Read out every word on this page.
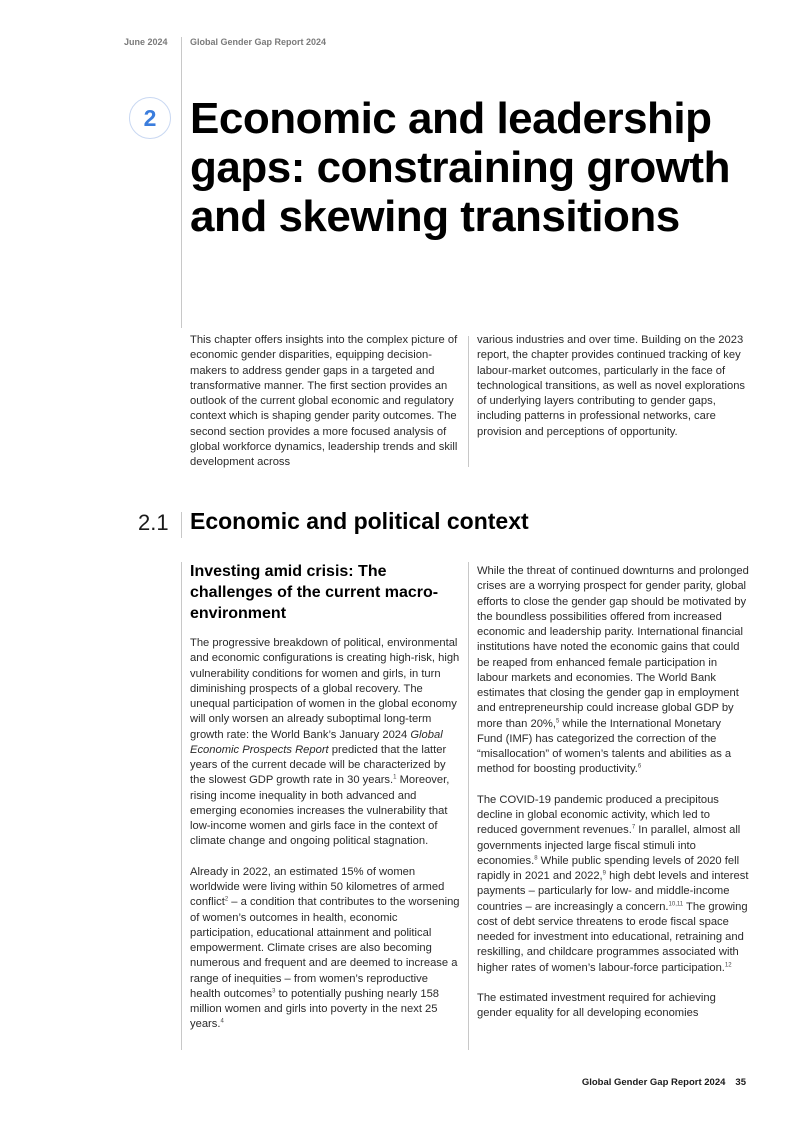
June 2024 Global Gender Gap Report 2024
2 Economic and leadership gaps: constraining growth and skewing transitions
This chapter offers insights into the complex picture of economic gender disparities, equipping decision-makers to address gender gaps in a targeted and transformative manner. The first section provides an outlook of the current global economic and regulatory context which is shaping gender parity outcomes. The second section provides a more focused analysis of global workforce dynamics, leadership trends and skill development across
various industries and over time. Building on the 2023 report, the chapter provides continued tracking of key labour-market outcomes, particularly in the face of technological transitions, as well as novel explorations of underlying layers contributing to gender gaps, including patterns in professional networks, care provision and perceptions of opportunity.
2.1 Economic and political context
Investing amid crisis: The challenges of the current macro-environment

The progressive breakdown of political, environmental and economic configurations is creating high-risk, high vulnerability conditions for women and girls, in turn diminishing prospects of a global recovery. The unequal participation of women in the global economy will only worsen an already suboptimal long-term growth rate: the World Bank’s January 2024 Global Economic Prospects Report predicted that the latter years of the current decade will be characterized by the slowest GDP growth rate in 30 years.$^1$ Moreover, rising income inequality in both advanced and emerging economies increases the vulnerability that low-income women and girls face in the context of climate change and ongoing political stagnation.

Already in 2022, an estimated 15% of women worldwide were living within 50 kilometres of armed conflict$^2$ – a condition that contributes to the worsening of women’s outcomes in health, economic participation, educational attainment and political empowerment. Climate crises are also becoming numerous and frequent and are deemed to increase a range of inequities – from women’s reproductive health outcomes$^3$ to potentially pushing nearly 158 million women and girls into poverty in the next 25 years.$^4$

While the threat of continued downturns and prolonged crises are a worrying prospect for gender parity, global efforts to close the gender gap should be motivated by the boundless possibilities offered from increased economic and leadership parity. International financial institutions have noted the economic gains that could be reaped from enhanced female participation in labour markets and economies. The World Bank estimates that closing the gender gap in employment and entrepreneurship could increase global GDP by more than 20%,$^5$ while the International Monetary Fund (IMF) has categorized the correction of the “misallocation” of women’s talents and abilities as a method for boosting productivity.$^6$

The COVID-19 pandemic produced a precipitous decline in global economic activity, which led to reduced government revenues.$^7$ In parallel, almost all governments injected large fiscal stimuli into economies.$^8$ While public spending levels of 2020 fell rapidly in 2021 and 2022,$^9$ high debt levels and interest payments – particularly for low- and middle-income countries – are increasingly a concern.$^{10,11}$ The growing cost of debt service threatens to erode fiscal space needed for investment into educational, retraining and reskilling, and childcare programmes associated with higher rates of women’s labour-force participation.$^{12}$

The estimated investment required for achieving gender equality for all developing economies

Global Gender Gap Report 2024 35
